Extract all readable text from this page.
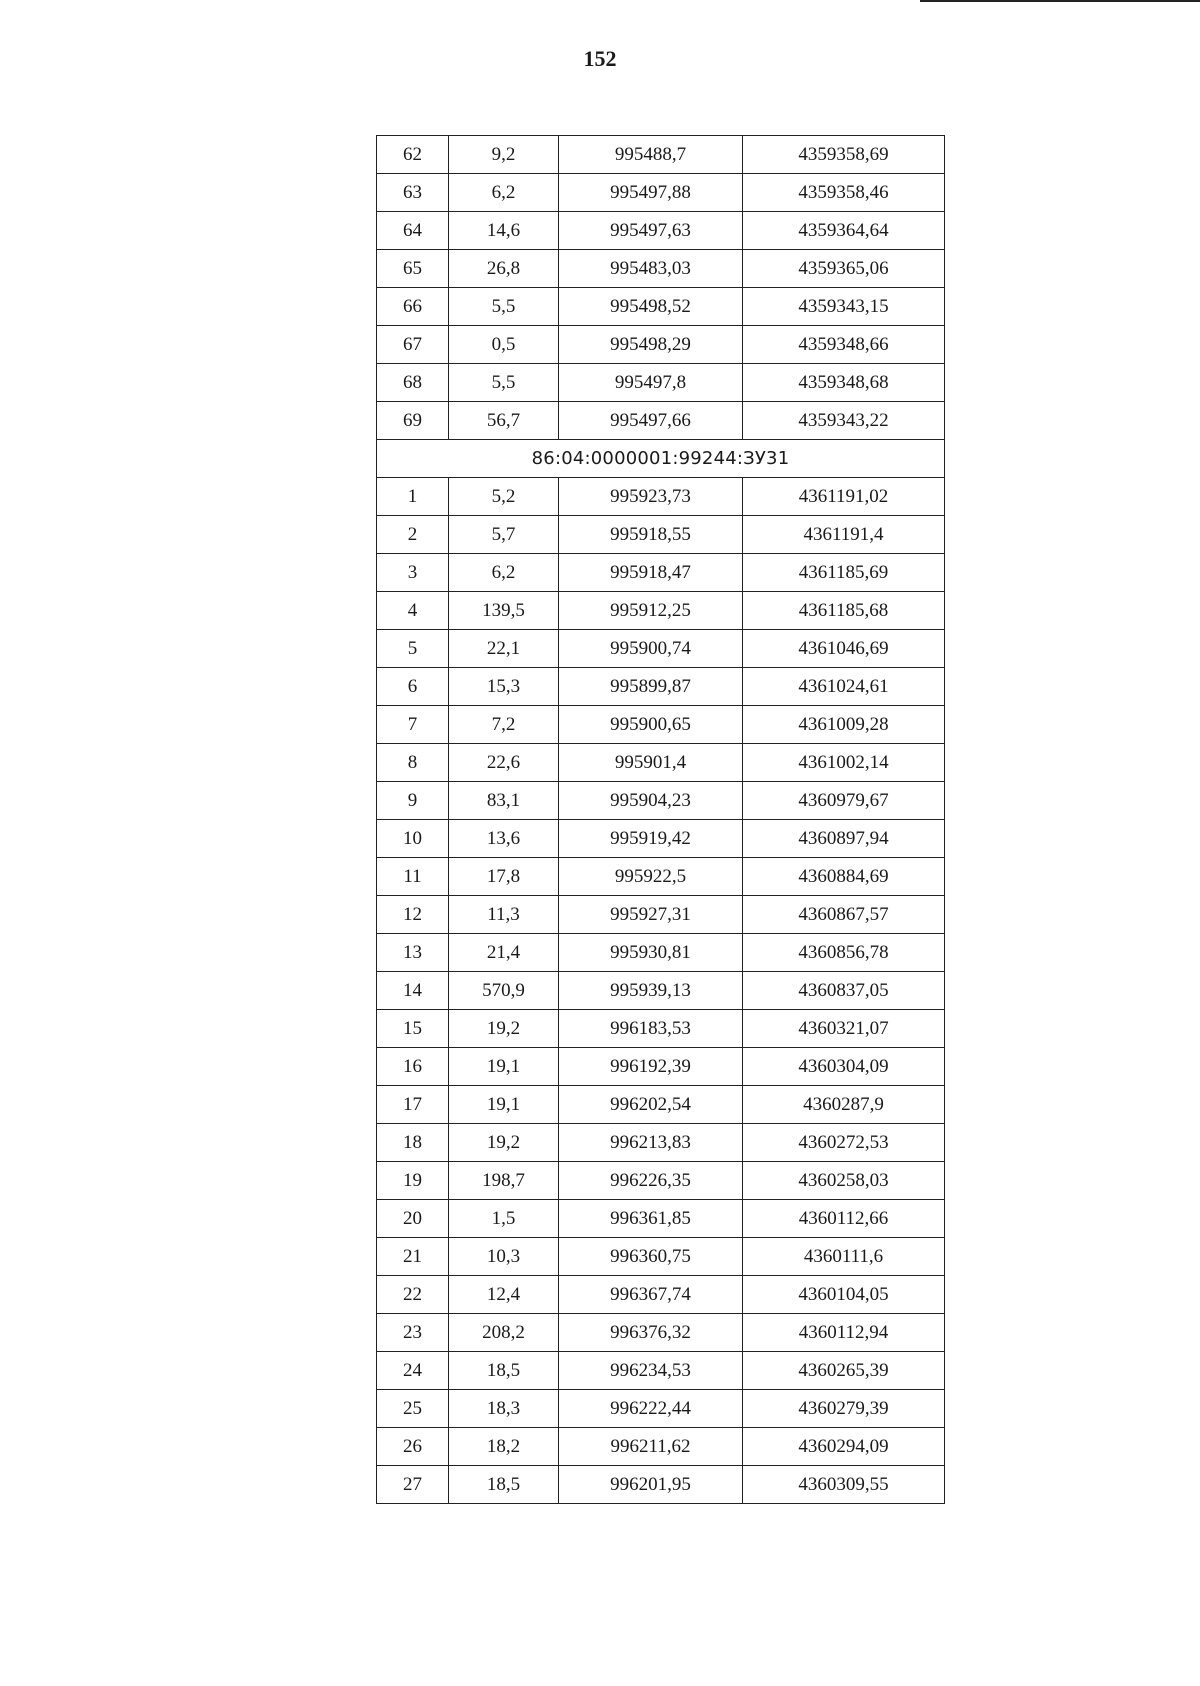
152
62	9,2	995488,7	4359358,69
63	6,2	995497,88	4359358,46
64	14,6	995497,63	4359364,64
65	26,8	995483,03	4359365,06
66	5,5	995498,52	4359343,15
67	0,5	995498,29	4359348,66
68	5,5	995497,8	4359348,68
69	56,7	995497,66	4359343,22
86:04:0000001:99244:ЗУ31			
1	5,2	995923,73	4361191,02
2	5,7	995918,55	4361191,4
3	6,2	995918,47	4361185,69
4	139,5	995912,25	4361185,68
5	22,1	995900,74	4361046,69
6	15,3	995899,87	4361024,61
7	7,2	995900,65	4361009,28
8	22,6	995901,4	4361002,14
9	83,1	995904,23	4360979,67
10	13,6	995919,42	4360897,94
11	17,8	995922,5	4360884,69
12	11,3	995927,31	4360867,57
13	21,4	995930,81	4360856,78
14	570,9	995939,13	4360837,05
15	19,2	996183,53	4360321,07
16	19,1	996192,39	4360304,09
17	19,1	996202,54	4360287,9
18	19,2	996213,83	4360272,53
19	198,7	996226,35	4360258,03
20	1,5	996361,85	4360112,66
21	10,3	996360,75	4360111,6
22	12,4	996367,74	4360104,05
23	208,2	996376,32	4360112,94
24	18,5	996234,53	4360265,39
25	18,3	996222,44	4360279,39
26	18,2	996211,62	4360294,09
27	18,5	996201,95	4360309,55
